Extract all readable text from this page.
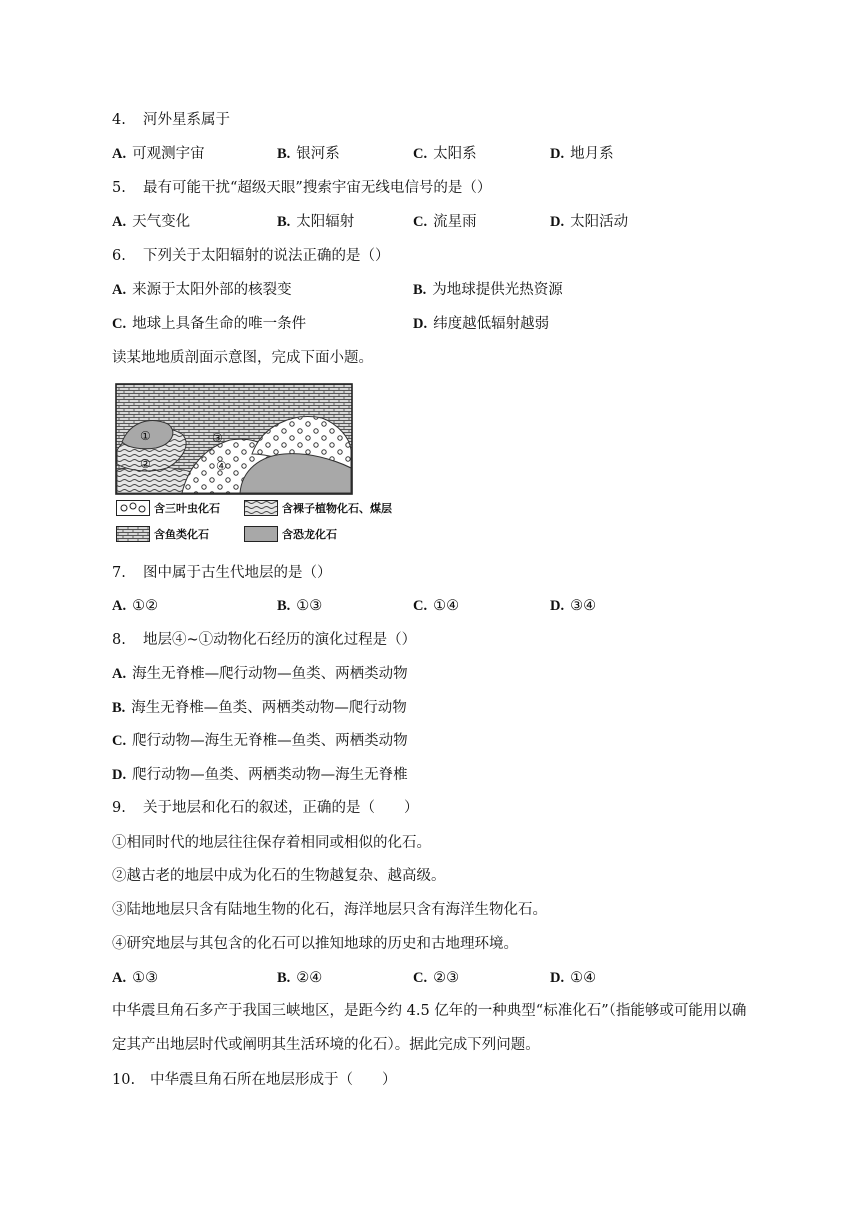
4. 河外星系属于
A. 可观测宇宙	B. 银河系	C. 太阳系	D. 地月系
5. 最有可能干扰“超级天眼”搜索宇宙无线电信号的是（）
A. 天气变化	B. 太阳辐射	C. 流星雨	D. 太阳活动
6. 下列关于太阳辐射的说法正确的是（）
A. 来源于太阳外部的核裂变	B. 为地球提供光热资源
C. 地球上具备生命的唯一条件	D. 纬度越低辐射越弱
读某地地质剖面示意图，完成下面小题。
①
②
③
④
含三叶虫化石	含裸子植物化石、煤层
含鱼类化石	含恐龙化石
7. 图中属于古生代地层的是（）
A. ①②	B. ①③	C. ①④	D. ③④
8. 地层④~①动物化石经历的演化过程是（）
A. 海生无脊椎—爬行动物—鱼类、两栖类动物
B. 海生无脊椎—鱼类、两栖类动物—爬行动物
C. 爬行动物—海生无脊椎—鱼类、两栖类动物
D. 爬行动物—鱼类、两栖类动物—海生无脊椎
9. 关于地层和化石的叙述，正确的是（　　）
①相同时代的地层往往保存着相同或相似的化石。
②越古老的地层中成为化石的生物越复杂、越高级。
③陆地地层只含有陆地生物的化石，海洋地层只含有海洋生物化石。
④研究地层与其包含的化石可以推知地球的历史和古地理环境。
A. ①③	B. ②④	C. ②③	D. ①④
中华震旦角石多产于我国三峡地区，是距今约 4.5 亿年的一种典型“标准化石”（指能够或可能用以确定其产出地层时代或阐明其生活环境的化石）。据此完成下列问题。
10. 中华震旦角石所在地层形成于（　　）
